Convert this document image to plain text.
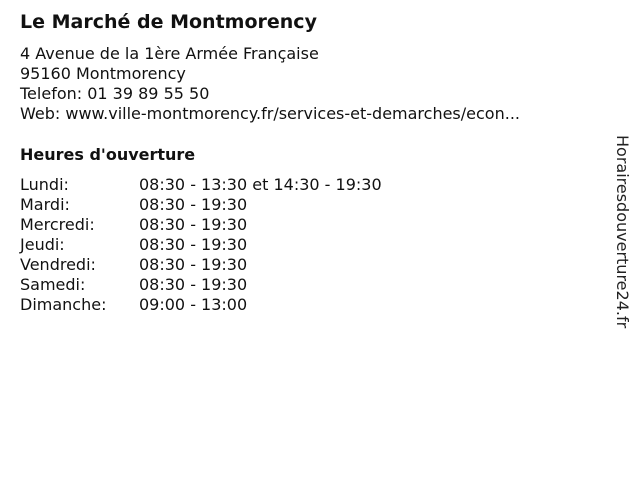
Le Marché de Montmorency
4 Avenue de la 1ère Armée Française
95160 Montmorency
Telefon: 01 39 89 55 50
Web: www.ville-montmorency.fr/services-et-demarches/econ...
Heures d'ouverture
Lundi:	08:30 - 13:30 et 14:30 - 19:30
Mardi:	08:30 - 19:30
Mercredi:	08:30 - 19:30
Jeudi:	08:30 - 19:30
Vendredi:	08:30 - 19:30
Samedi:	08:30 - 19:30
Dimanche:	09:00 - 13:00	Horairesdouverture24.fr
